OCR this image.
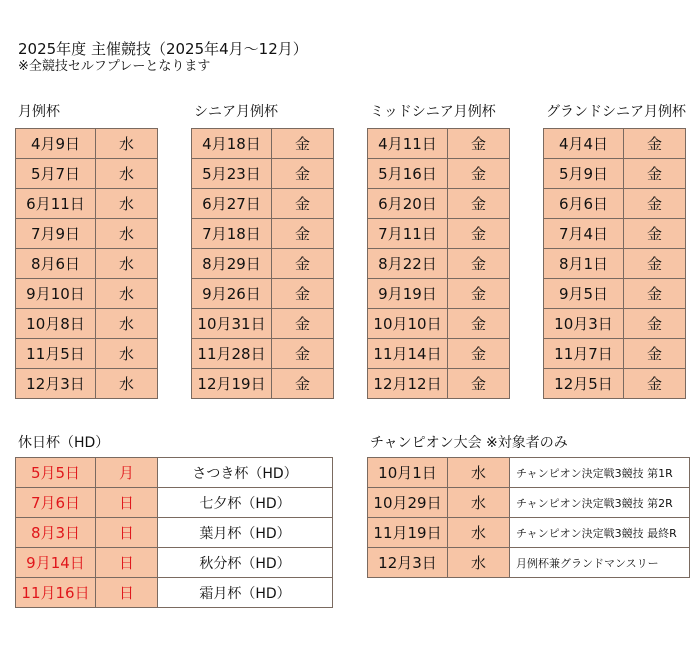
2025年度 主催競技（2025年4月〜12月）
※全競技セルフプレーとなります
月例杯
4月9日	水
5月7日	水
6月11日	水
7月9日	水
8月6日	水
9月10日	水
10月8日	水
11月5日	水
12月3日	水
シニア月例杯
4月18日	金
5月23日	金
6月27日	金
7月18日	金
8月29日	金
9月26日	金
10月31日	金
11月28日	金
12月19日	金
ミッドシニア月例杯
4月11日	金
5月16日	金
6月20日	金
7月11日	金
8月22日	金
9月19日	金
10月10日	金
11月14日	金
12月12日	金
グランドシニア月例杯
4月4日	金
5月9日	金
6月6日	金
7月4日	金
8月1日	金
9月5日	金
10月3日	金
11月7日	金
12月5日	金
休日杯（HD）
5月5日	月	さつき杯（HD）
7月6日	日	七夕杯（HD）
8月3日	日	葉月杯（HD）
9月14日	日	秋分杯（HD）
11月16日	日	霜月杯（HD）
チャンピオン大会 ※対象者のみ
10月1日	水	チャンピオン決定戦3競技 第1R
10月29日	水	チャンピオン決定戦3競技 第2R
11月19日	水	チャンピオン決定戦3競技 最終R
12月3日	水	月例杯兼グランドマンスリー
